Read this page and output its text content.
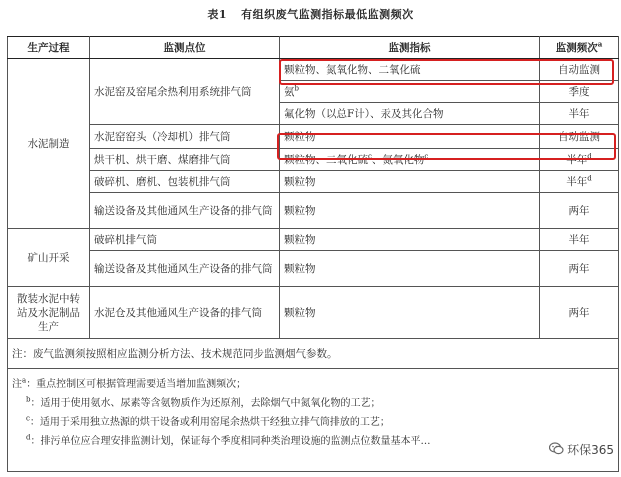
表1 有组织废气监测指标最低监测频次
生产过程	监测点位	监测指标	监测频次$^a$
水泥制造	水泥窑及窑尾余热利用系统排气筒	颗粒物、氮氧化物、二氧化硫	自动监测
		氨$^b$	季度
		氟化物（以总F计）、汞及其化合物	半年
	水泥窑窑头（冷却机）排气筒	颗粒物	自动监测
	烘干机、烘干磨、煤磨排气筒	颗粒物、二氧化硫$^c$、氮氧化物$^c$	半年$^d$
	破碎机、磨机、包装机排气筒	颗粒物	半年$^d$
	输送设备及其他通风生产设备的排气筒	颗粒物	两年
矿山开采	破碎机排气筒	颗粒物	半年
	输送设备及其他通风生产设备的排气筒	颗粒物	两年
散装水泥中转站及水泥制品生产	水泥仓及其他通风生产设备的排气筒	颗粒物	两年
注：废气监测须按照相应监测分析方法、技术规范同步监测烟气参数。			

注$^a$：重点控制区可根据管理需要适当增加监测频次；
$^b$：适用于使用氨水、尿素等含氨物质作为还原剂，去除烟气中氮氧化物的工艺；
$^c$：适用于采用独立热源的烘干设备或利用窑尾余热烘干经独立排气筒排放的工艺；
$^d$：排污单位应合理安排监测计划，保证每个季度相同种类治理设施的监测点位数量基本平…			
环保365
